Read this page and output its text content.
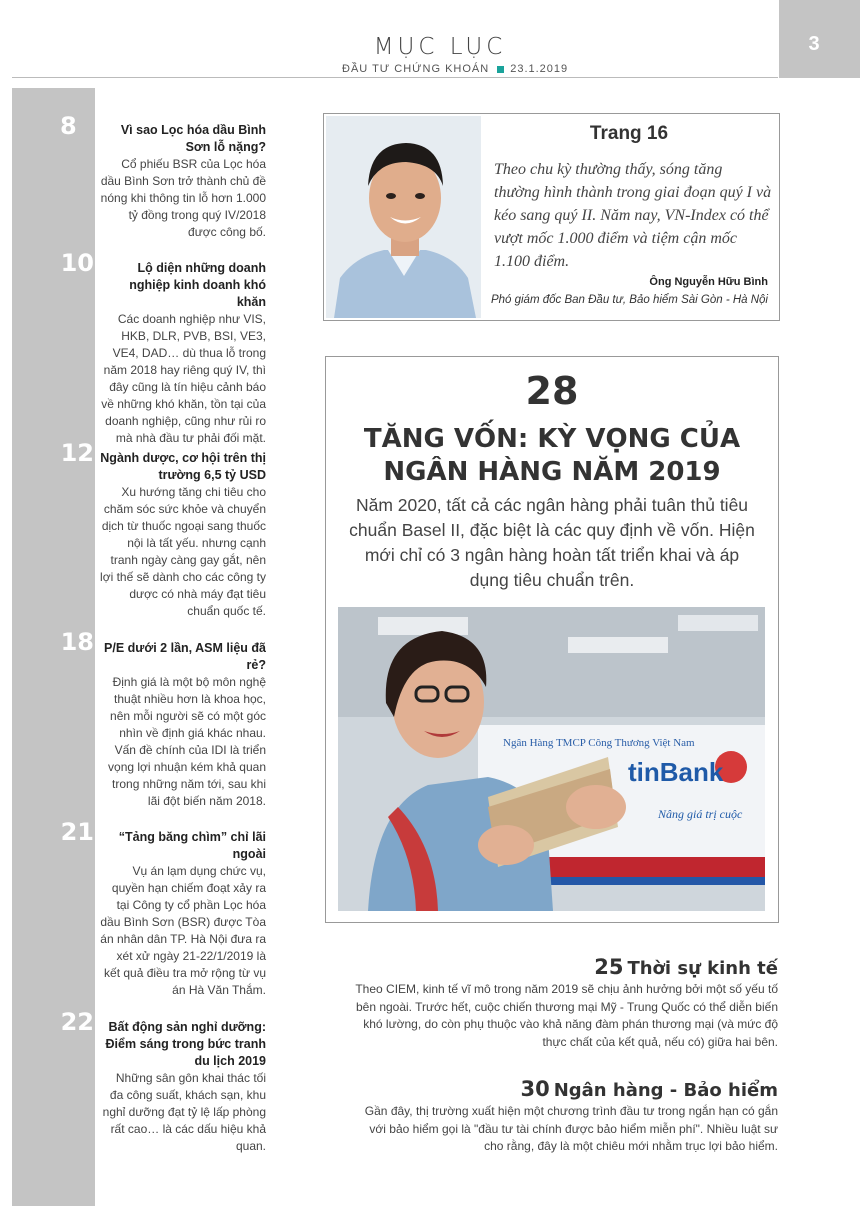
3
MỤC LỤC
ĐẦU TƯ CHỨNG KHOÁN 23.1.2019
8	Vì sao Lọc hóa dầu Bình Sơn lỗ nặng?
Cổ phiếu BSR của Lọc hóa dầu Bình Sơn trở thành chủ đề nóng khi thông tin lỗ hơn 1.000 tỷ đồng trong quý IV/2018 được công bố.
10	Lộ diện những doanh nghiệp kinh doanh khó khăn
Các doanh nghiệp như VIS, HKB, DLR, PVB, BSI, VE3, VE4, DAD… dù thua lỗ trong năm 2018 hay riêng quý IV, thì đây cũng là tín hiệu cảnh báo về những khó khăn, tồn tại của doanh nghiệp, cũng như rủi ro mà nhà đầu tư phải đối mặt.
12 Ngành dược, cơ hội trên thị trường 6,5 tỷ USD
Xu hướng tăng chi tiêu cho chăm sóc sức khỏe và chuyển dịch từ thuốc ngoại sang thuốc nội là tất yếu. nhưng cạnh tranh ngày càng gay gắt, nên lợi thế sẽ dành cho các công ty dược có nhà máy đạt tiêu chuẩn quốc tế.
18 P/E dưới 2 lần, ASM liệu đã rẻ?
Định giá là một bộ môn nghệ thuật nhiều hơn là khoa học, nên mỗi người sẽ có một góc nhìn về định giá khác nhau. Vấn đề chính của IDI là triển vọng lợi nhuận kém khả quan trong những năm tới, sau khi lãi đột biến năm 2018.
21	“Tảng băng chìm” chỉ lãi ngoài
Vụ án lạm dụng chức vụ, quyền hạn chiếm đoạt xảy ra tại Công ty cổ phần Lọc hóa dầu Bình Sơn (BSR) được Tòa án nhân dân TP. Hà Nội đưa ra xét xử ngày 21-22/1/2019 là kết quả điều tra mở rộng từ vụ án Hà Văn Thắm.
22	Bất động sản nghỉ dưỡng: Điểm sáng trong bức tranh du lịch 2019
Những sân gôn khai thác tối đa công suất, khách sạn, khu nghỉ dưỡng đạt tỷ lệ lấp phòng rất cao… là các dấu hiệu khả quan.
Trang 16
Theo chu kỳ thường thấy, sóng tăng thường hình thành trong giai đoạn quý I và kéo sang quý II. Năm nay, VN-Index có thể vượt mốc 1.000 điểm và tiệm cận mốc 1.100 điểm.
Ông Nguyễn Hữu Bình
Phó giám đốc Ban Đầu tư, Bảo hiểm Sài Gòn - Hà Nội
28
TĂNG VỐN: KỲ VỌNG CỦA NGÂN HÀNG NĂM 2019
Năm 2020, tất cả các ngân hàng phải tuân thủ tiêu chuẩn Basel II, đặc biệt là các quy định về vốn. Hiện mới chỉ có 3 ngân hàng hoàn tất triển khai và áp dụng tiêu chuẩn trên.
Ngân Hàng TMCP Công Thương Việt Nam
tinBank
Nâng giá trị cuộc
25 Thời sự kinh tế
Theo CIEM, kinh tế vĩ mô trong năm 2019 sẽ chịu ảnh hưởng bởi một số yếu tố bên ngoài. Trước hết, cuộc chiến thương mại Mỹ - Trung Quốc có thể diễn biến khó lường, do còn phụ thuộc vào khả năng đàm phán thương mại (và mức độ thực chất của kết quả, nếu có) giữa hai bên.
30 Ngân hàng - Bảo hiểm
Gần đây, thị trường xuất hiện một chương trình đầu tư trong ngắn hạn có gắn với bảo hiểm gọi là "đầu tư tài chính được bảo hiểm miễn phí". Nhiều luật sư cho rằng, đây là một chiêu mới nhằm trục lợi bảo hiểm.
